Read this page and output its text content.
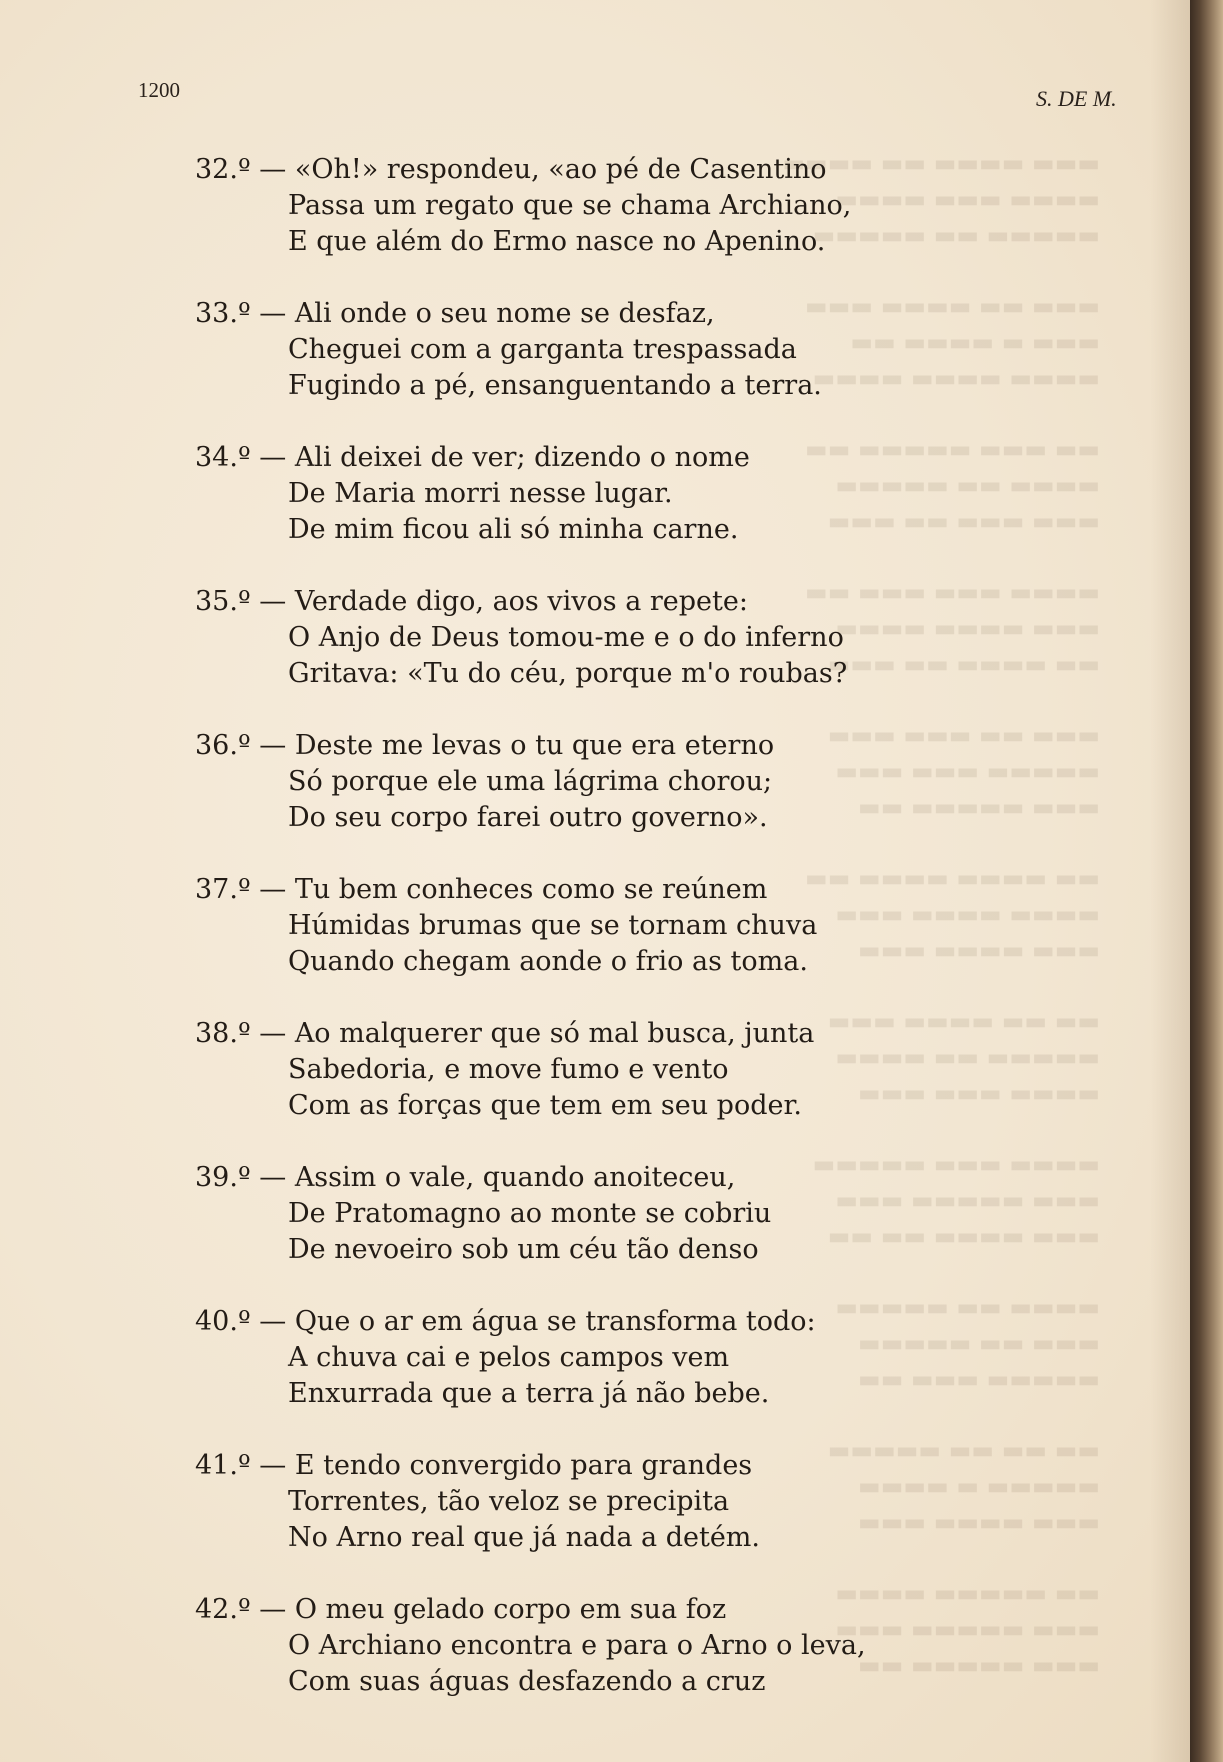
▬▬▬ ▬▬▬▬ ▬▬ ▬▬▬▬
▬▬▬▬ ▬▬▬ ▬▬▬▬
▬▬▬▬▬ ▬▬ ▬▬▬▬▬
▬▬▬ ▬▬ ▬▬▬▬ ▬▬▬
▬▬▬ ▬ ▬▬▬▬ ▬▬
▬▬▬▬ ▬▬▬▬ ▬▬▬▬
▬▬ ▬▬▬ ▬▬▬▬▬ ▬▬
▬▬▬▬ ▬▬ ▬▬▬▬▬
▬▬▬ ▬▬▬ ▬▬ ▬▬▬
▬▬▬▬ ▬▬▬ ▬▬▬ ▬▬
▬▬▬ ▬▬▬▬ ▬▬▬▬
▬▬ ▬▬▬▬ ▬▬ ▬▬▬
▬▬▬ ▬▬ ▬▬▬ ▬▬▬
▬▬▬▬▬ ▬▬▬ ▬▬▬
▬▬▬ ▬▬▬▬▬ ▬▬
▬▬ ▬▬▬▬ ▬▬▬▬ ▬▬
▬▬▬▬ ▬▬▬▬ ▬▬▬
▬▬▬ ▬▬▬▬ ▬▬▬
▬▬ ▬▬ ▬▬▬▬ ▬▬▬
▬▬▬▬▬ ▬▬ ▬▬▬▬
▬▬▬▬ ▬▬▬ ▬▬▬
▬▬▬▬ ▬▬▬ ▬▬▬▬▬
▬▬▬ ▬▬▬▬▬ ▬▬▬
▬▬▬ ▬▬▬▬ ▬▬ ▬▬
▬▬▬▬ ▬▬ ▬▬▬▬▬
▬▬▬ ▬▬ ▬▬▬▬▬
▬▬▬▬▬ ▬▬▬ ▬▬
▬▬ ▬▬ ▬▬ ▬▬▬▬▬
▬▬▬▬▬ ▬ ▬▬▬▬
▬▬▬ ▬▬▬▬ ▬▬▬
▬▬ ▬▬▬▬▬ ▬▬▬▬
▬▬▬ ▬▬▬▬▬ ▬▬▬
▬▬▬ ▬▬▬▬▬ ▬▬
1200	S. DE M.
32.º — «Oh!» respondeu, «ao pé de Casentino
Passa um regato que se chama Archiano,
E que além do Ermo nasce no Apenino.
33.º — Ali onde o seu nome se desfaz,
Cheguei com a garganta trespassada
Fugindo a pé, ensanguentando a terra.
34.º — Ali deixei de ver; dizendo o nome
De Maria morri nesse lugar.
De mim ficou ali só minha carne.
35.º — Verdade digo, aos vivos a repete:
O Anjo de Deus tomou-me e o do inferno
Gritava: «Tu do céu, porque m'o roubas?
36.º — Deste me levas o tu que era eterno
Só porque ele uma lágrima chorou;
Do seu corpo farei outro governo».
37.º — Tu bem conheces como se reúnem
Húmidas brumas que se tornam chuva
Quando chegam aonde o frio as toma.
38.º — Ao malquerer que só mal busca, junta
Sabedoria, e move fumo e vento
Com as forças que tem em seu poder.
39.º — Assim o vale, quando anoiteceu,
De Pratomagno ao monte se cobriu
De nevoeiro sob um céu tão denso
40.º — Que o ar em água se transforma todo:
A chuva cai e pelos campos vem
Enxurrada que a terra já não bebe.
41.º — E tendo convergido para grandes
Torrentes, tão veloz se precipita
No Arno real que já nada a detém.
42.º — O meu gelado corpo em sua foz
O Archiano encontra e para o Arno o leva,
Com suas águas desfazendo a cruz
